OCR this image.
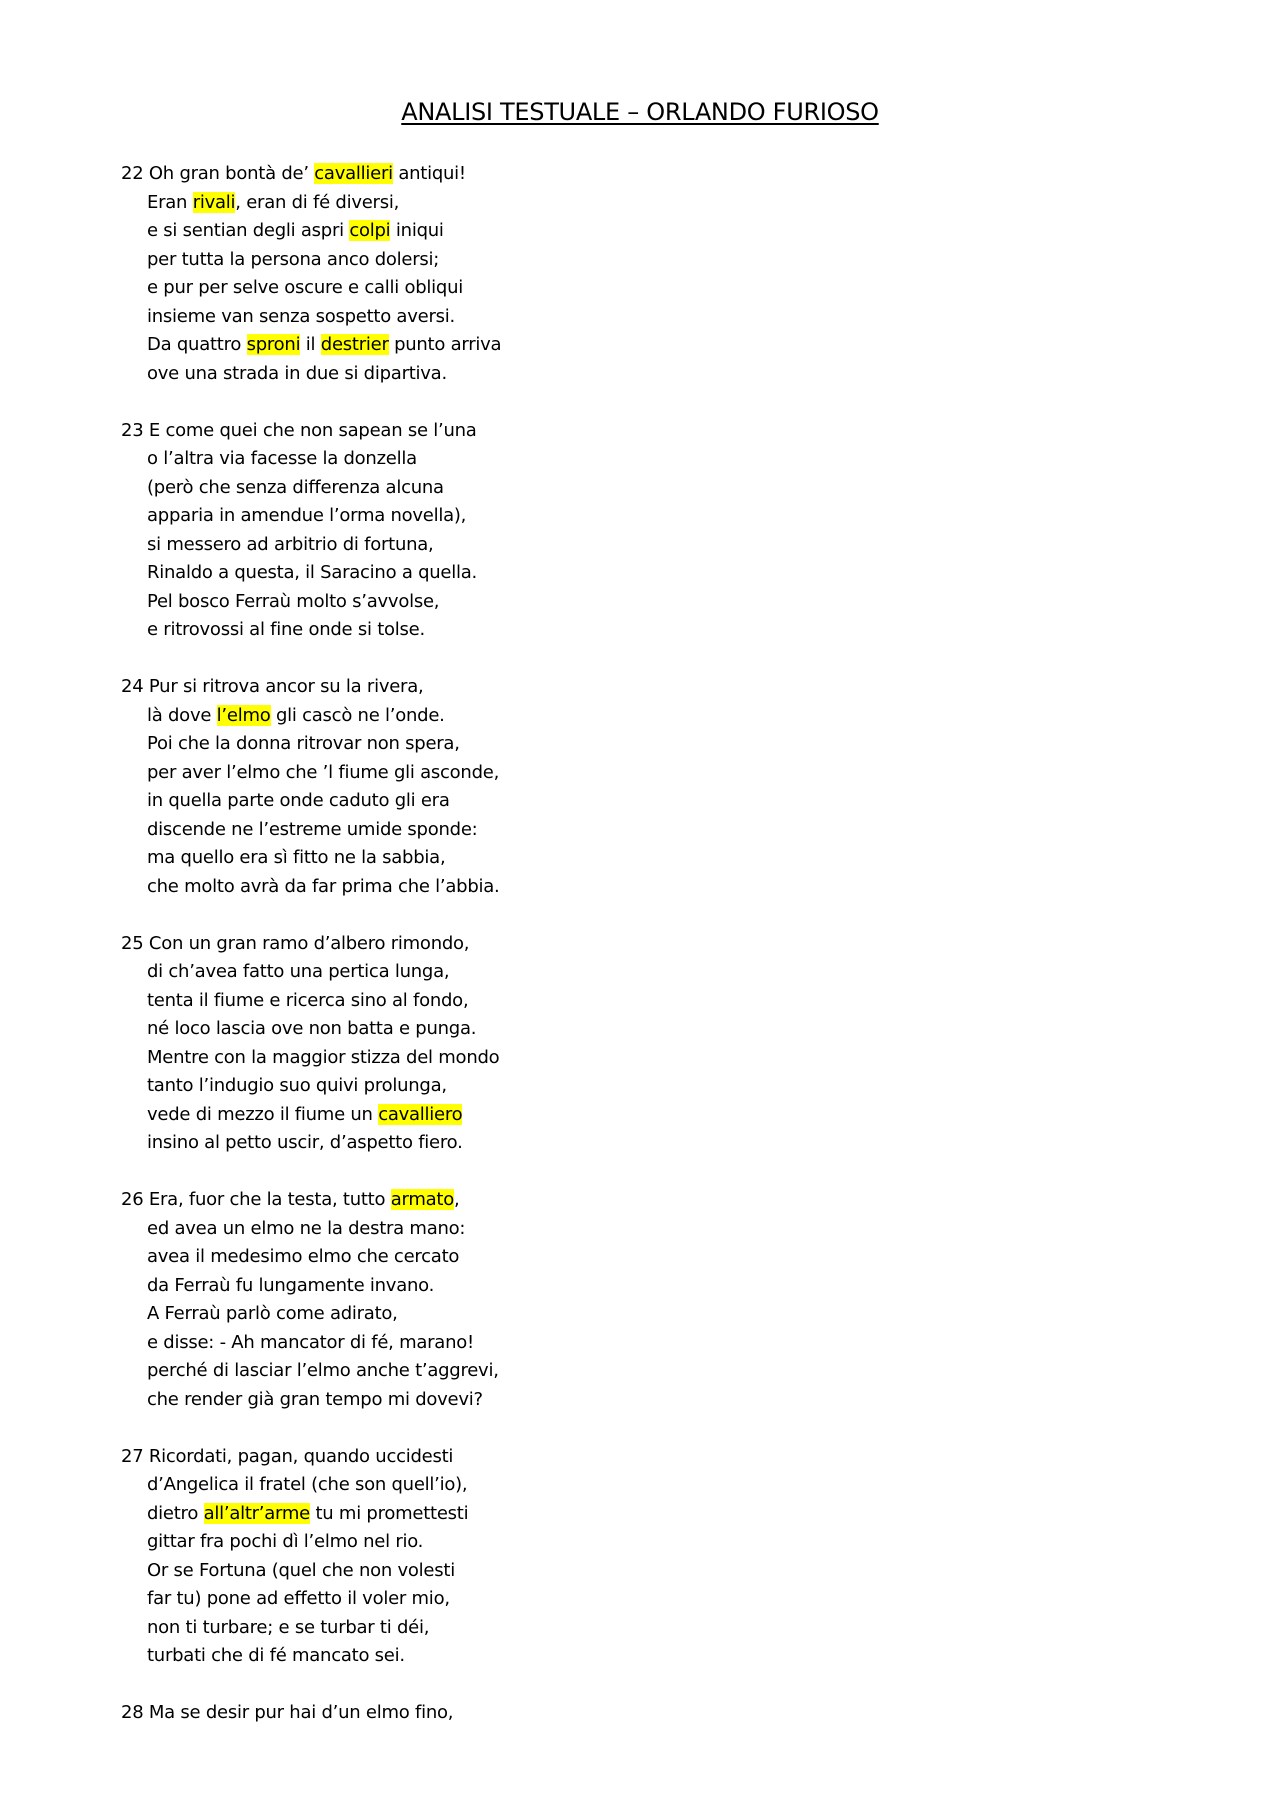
ANALISI TESTUALE – ORLANDO FURIOSO
22 Oh gran bontà de’ cavallieri antiqui!
Eran rivali, eran di fé diversi,
e si sentian degli aspri colpi iniqui
per tutta la persona anco dolersi;
e pur per selve oscure e calli obliqui
insieme van senza sospetto aversi.
Da quattro sproni il destrier punto arriva
ove una strada in due si dipartiva.
23 E come quei che non sapean se l’una
o l’altra via facesse la donzella
(però che senza differenza alcuna
apparia in amendue l’orma novella),
si messero ad arbitrio di fortuna,
Rinaldo a questa, il Saracino a quella.
Pel bosco Ferraù molto s’avvolse,
e ritrovossi al fine onde si tolse.
24 Pur si ritrova ancor su la rivera,
là dove l’elmo gli cascò ne l’onde.
Poi che la donna ritrovar non spera,
per aver l’elmo che ’l fiume gli asconde,
in quella parte onde caduto gli era
discende ne l’estreme umide sponde:
ma quello era sì fitto ne la sabbia,
che molto avrà da far prima che l’abbia.
25 Con un gran ramo d’albero rimondo,
di ch’avea fatto una pertica lunga,
tenta il fiume e ricerca sino al fondo,
né loco lascia ove non batta e punga.
Mentre con la maggior stizza del mondo
tanto l’indugio suo quivi prolunga,
vede di mezzo il fiume un cavalliero
insino al petto uscir, d’aspetto fiero.
26 Era, fuor che la testa, tutto armato,
ed avea un elmo ne la destra mano:
avea il medesimo elmo che cercato
da Ferraù fu lungamente invano.
A Ferraù parlò come adirato,
e disse: - Ah mancator di fé, marano!
perché di lasciar l’elmo anche t’aggrevi,
che render già gran tempo mi dovevi?
27 Ricordati, pagan, quando uccidesti
d’Angelica il fratel (che son quell’io),
dietro all’altr’arme tu mi promettesti
gittar fra pochi dì l’elmo nel rio.
Or se Fortuna (quel che non volesti
far tu) pone ad effetto il voler mio,
non ti turbare; e se turbar ti déi,
turbati che di fé mancato sei.
28 Ma se desir pur hai d’un elmo fino,
